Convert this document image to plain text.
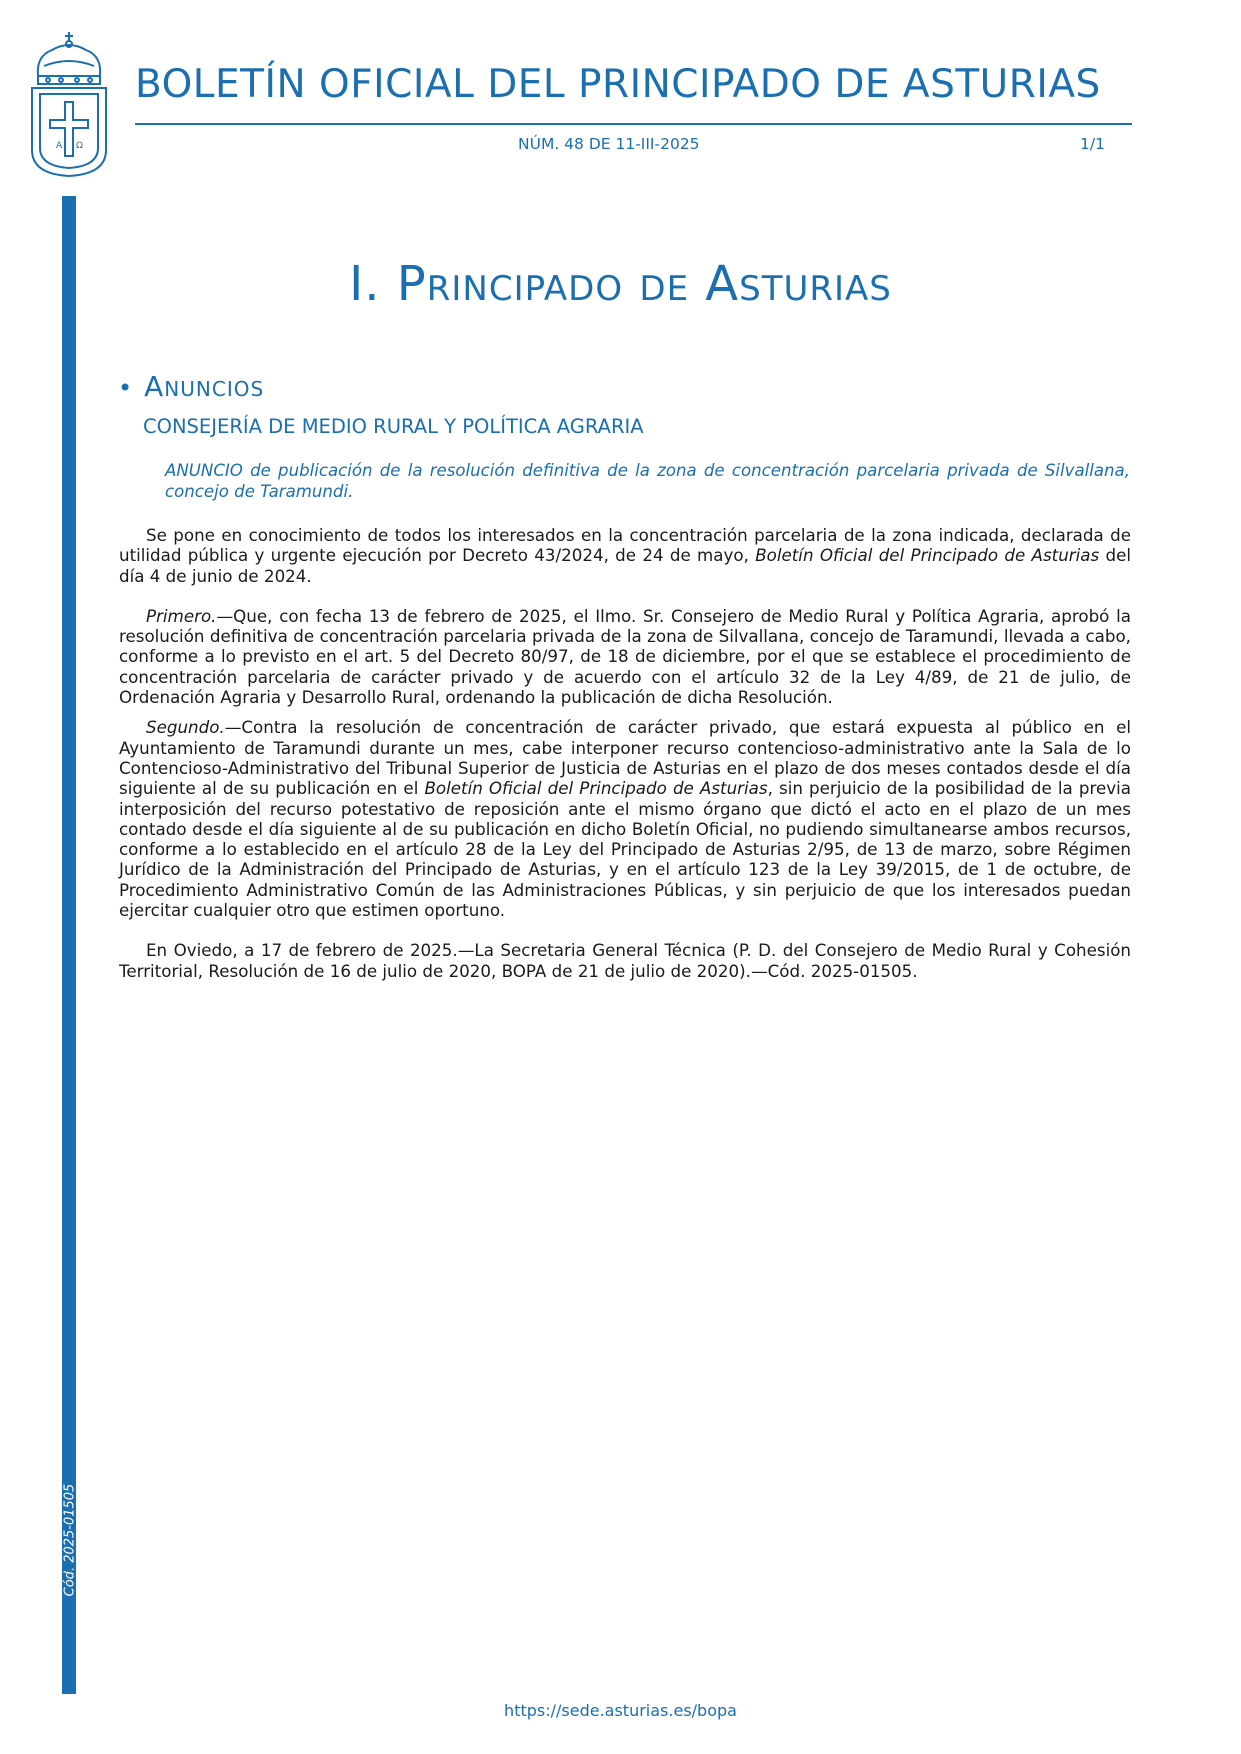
A Ω
BOLETÍN OFICIAL DEL PRINCIPADO DE ASTURIAS
NÚM. 48 DE 11-III-2025	1/1
Cód. 2025-01505
I. Principado de Asturias
• Anuncios
CONSEJERÍA DE MEDIO RURAL Y POLÍTICA AGRARIA
ANUNCIO de publicación de la resolución definitiva de la zona de concentración parcelaria privada de Silvallana, concejo de Taramundi.

Se pone en conocimiento de todos los interesados en la concentración parcelaria de la zona indicada, declarada de utilidad pública y urgente ejecución por Decreto 43/2024, de 24 de mayo, Boletín Oficial del Principado de Asturias del día 4 de junio de 2024.

Primero.—Que, con fecha 13 de febrero de 2025, el Ilmo. Sr. Consejero de Medio Rural y Política Agraria, aprobó la resolución definitiva de concentración parcelaria privada de la zona de Silvallana, concejo de Taramundi, llevada a cabo, conforme a lo previsto en el art. 5 del Decreto 80/97, de 18 de diciembre, por el que se establece el procedimiento de concentración parcelaria de carácter privado y de acuerdo con el artículo 32 de la Ley 4/89, de 21 de julio, de Ordenación Agraria y Desarrollo Rural, ordenando la publicación de dicha Resolución.

Segundo.—Contra la resolución de concentración de carácter privado, que estará expuesta al público en el Ayuntamiento de Taramundi durante un mes, cabe interponer recurso contencioso-administrativo ante la Sala de lo Contencioso-Administrativo del Tribunal Superior de Justicia de Asturias en el plazo de dos meses contados desde el día siguiente al de su publicación en el Boletín Oficial del Principado de Asturias, sin perjuicio de la posibilidad de la previa interposición del recurso potestativo de reposición ante el mismo órgano que dictó el acto en el plazo de un mes contado desde el día siguiente al de su publicación en dicho Boletín Oficial, no pudiendo simultanearse ambos recursos, conforme a lo establecido en el artículo 28 de la Ley del Principado de Asturias 2/95, de 13 de marzo, sobre Régimen Jurídico de la Administración del Principado de Asturias, y en el artículo 123 de la Ley 39/2015, de 1 de octubre, de Procedimiento Administrativo Común de las Administraciones Públicas, y sin perjuicio de que los interesados puedan ejercitar cualquier otro que estimen oportuno.

En Oviedo, a 17 de febrero de 2025.—La Secretaria General Técnica (P. D. del Consejero de Medio Rural y Cohesión Territorial, Resolución de 16 de julio de 2020, BOPA de 21 de julio de 2020).—Cód. 2025-01505.

https://sede.asturias.es/bopa
